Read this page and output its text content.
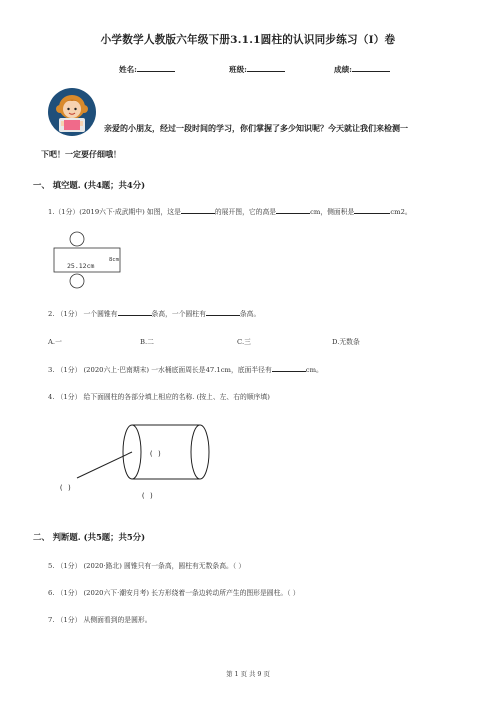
小学数学人教版六年级下册3.1.1圆柱的认识同步练习（I）卷
姓名:	班级:	成绩:
亲爱的小朋友，经过一段时间的学习，你们掌握了多少知识呢？今天就让我们来检测一
下吧！一定要仔细哦！
一、 填空题. (共4题；共4分)
1.（1分）(2019六下·成武期中) 如图，这是	的展开图，它的高是	cm，侧面积是	cm2。
25.12cm
8cm
2. （1分） 一个圆锥有	条高，一个圆柱有	条高。
A.一	B.二	C.三	D.无数条
3. （1分） (2020六上·巴南期末) 一水桶底面周长是47.1cm，底面半径有	cm。
4. （1分） 给下面圆柱的各部分填上相应的名称. (按上、左、右的顺序填)
( )
( )
( )
二、 判断题. (共5题；共5分)
5. （1分） (2020·路北) 圆锥只有一条高，圆柱有无数条高。（ ）
6. （1分） (2020六下·潮安月考) 长方形绕着一条边转动所产生的图形是圆柱。（ ）
7. （1分） 从侧面看到的是圆形。
第 1 页 共 9 页
